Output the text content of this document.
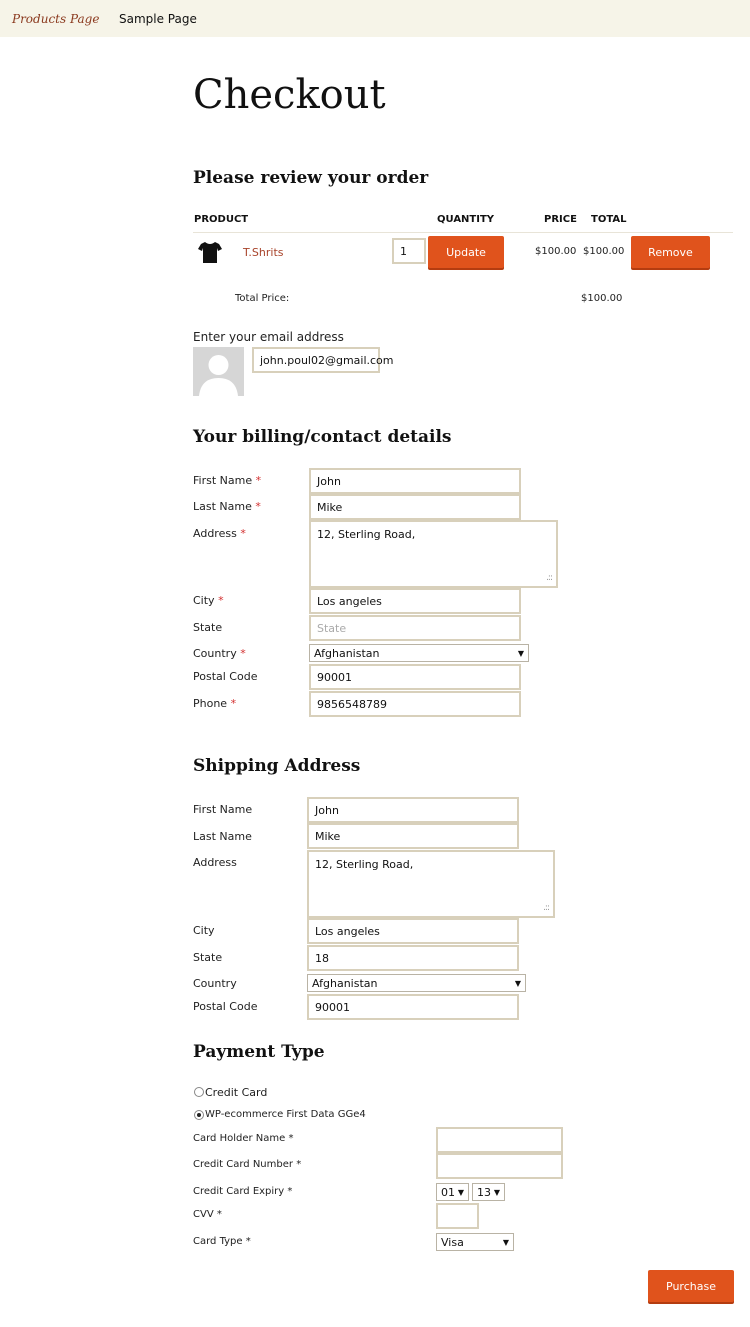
Products Page Sample Page
Checkout
Please review your order
PRODUCT	QUANTITY	PRICE TOTAL
T.Shrits	1	Update	$100.00 $100.00	Remove
Total Price:	$100.00
Enter your email address
john.poul02@gmail.com
Your billing/contact details
First Name *	John
Last Name *	Mike
Address *	12, Sterling Road,
.::
City *	Los angeles
State	State
Country *	Afghanistan	▼
Postal Code	90001
Phone *	9856548789
Shipping Address
First Name	John
Last Name	Mike
Address	12, Sterling Road,
.::
City	Los angeles
State	18
Country	Afghanistan	▼
Postal Code	90001
Payment Type
Credit Card
WP-ecommerce First Data GGe4
Card Holder Name *
Credit Card Number *
Credit Card Expiry *	01 ▼ 13 ▼
CVV *
Card Type *	Visa	▼
Purchase
